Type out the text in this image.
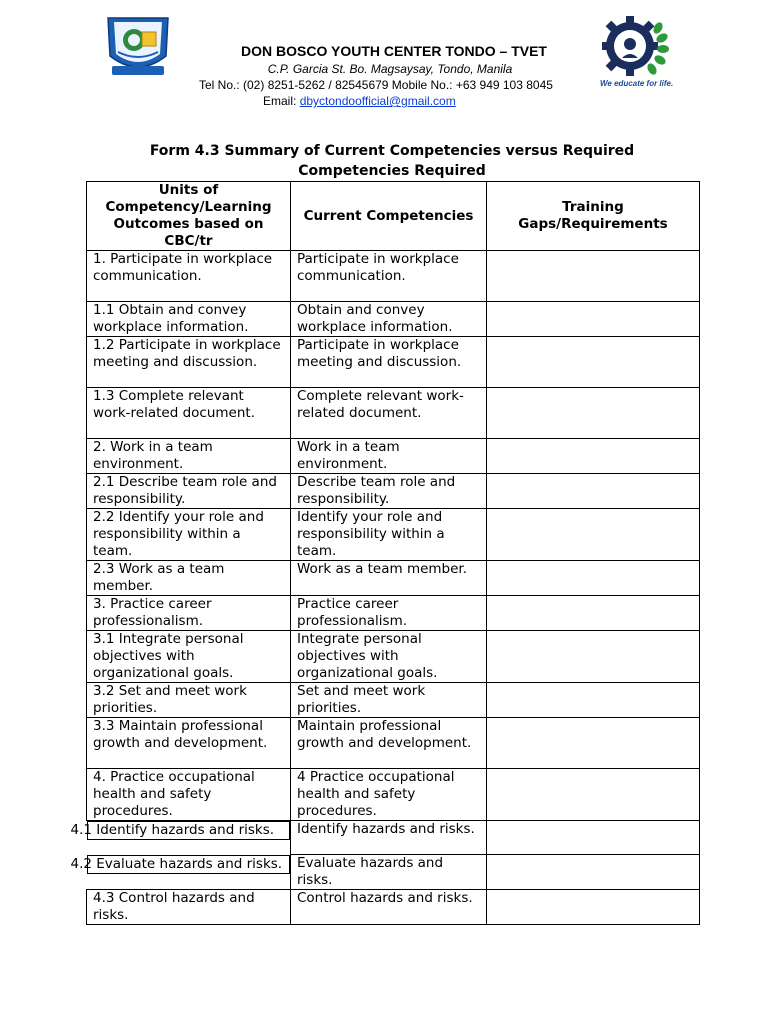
We educate for life.
DON BOSCO YOUTH CENTER TONDO – TVET
C.P. Garcia St. Bo. Magsaysay, Tondo, Manila
Tel No.: (02) 8251-5262 / 82545679 Mobile No.: +63 949 103 8045
Email: dbyctondoofficial@gmail.com
Form 4.3 Summary of Current Competencies versus Required
Competencies Required
Units of Competency/Learning Outcomes based on CBC/tr	Current Competencies	Training Gaps/Requirements
1. Participate in workplace communication.	Participate in workplace communication.	
1.1 Obtain and convey workplace information.	Obtain and convey workplace information.	
1.2 Participate in workplace meeting and discussion.	Participate in workplace meeting and discussion.	
1.3 Complete relevant work-related document.	Complete relevant work-related document.	
2. Work in a team environment.	Work in a team environment.	
2.1 Describe team role and responsibility.	Describe team role and responsibility.	
2.2 Identify your role and responsibility within a team.	Identify your role and responsibility within a team.	
2.3 Work as a team member.	Work as a team member.	
3. Practice career professionalism.	Practice career professionalism.	
3.1 Integrate personal objectives with organizational goals.	Integrate personal objectives with organizational goals.	
3.2 Set and meet work priorities.	Set and meet work priorities.	
3.3 Maintain professional growth and development.	Maintain professional growth and development.	
4. Practice occupational health and safety procedures.	4 Practice occupational health and safety procedures.	

4.1 Identify hazards and risks.	Identify hazards and risks.	

4.2 Evaluate hazards and risks.	Evaluate hazards and risks.	
4.3 Control hazards and risks.	Control hazards and risks.	
